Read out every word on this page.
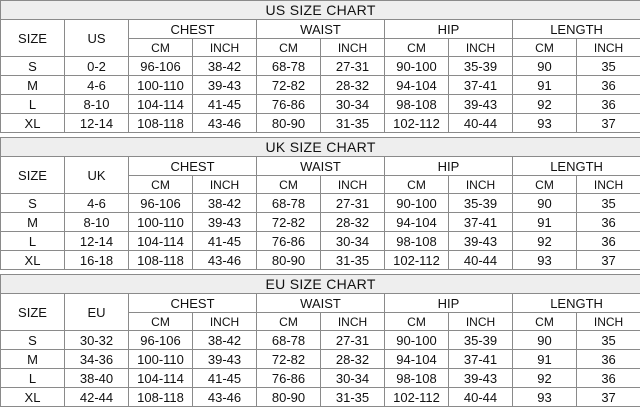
US SIZE CHART									
SIZE	US	CHEST		WAIST		HIP		LENGTH	
		CM	INCH	CM	INCH	CM	INCH	CM	INCH
S	0-2	96-106	38-42	68-78	27-31	90-100	35-39	90	35
M	4-6	100-110	39-43	72-82	28-32	94-104	37-41	91	36
L	8-10	104-114	41-45	76-86	30-34	98-108	39-43	92	36
XL	12-14	108-118	43-46	80-90	31-35	102-112	40-44	93	37
UK SIZE CHART									
SIZE	UK	CHEST		WAIST		HIP		LENGTH	
		CM	INCH	CM	INCH	CM	INCH	CM	INCH
S	4-6	96-106	38-42	68-78	27-31	90-100	35-39	90	35
M	8-10	100-110	39-43	72-82	28-32	94-104	37-41	91	36
L	12-14	104-114	41-45	76-86	30-34	98-108	39-43	92	36
XL	16-18	108-118	43-46	80-90	31-35	102-112	40-44	93	37
EU SIZE CHART									
SIZE	EU	CHEST		WAIST		HIP		LENGTH	
		CM	INCH	CM	INCH	CM	INCH	CM	INCH
S	30-32	96-106	38-42	68-78	27-31	90-100	35-39	90	35
M	34-36	100-110	39-43	72-82	28-32	94-104	37-41	91	36
L	38-40	104-114	41-45	76-86	30-34	98-108	39-43	92	36
XL	42-44	108-118	43-46	80-90	31-35	102-112	40-44	93	37
